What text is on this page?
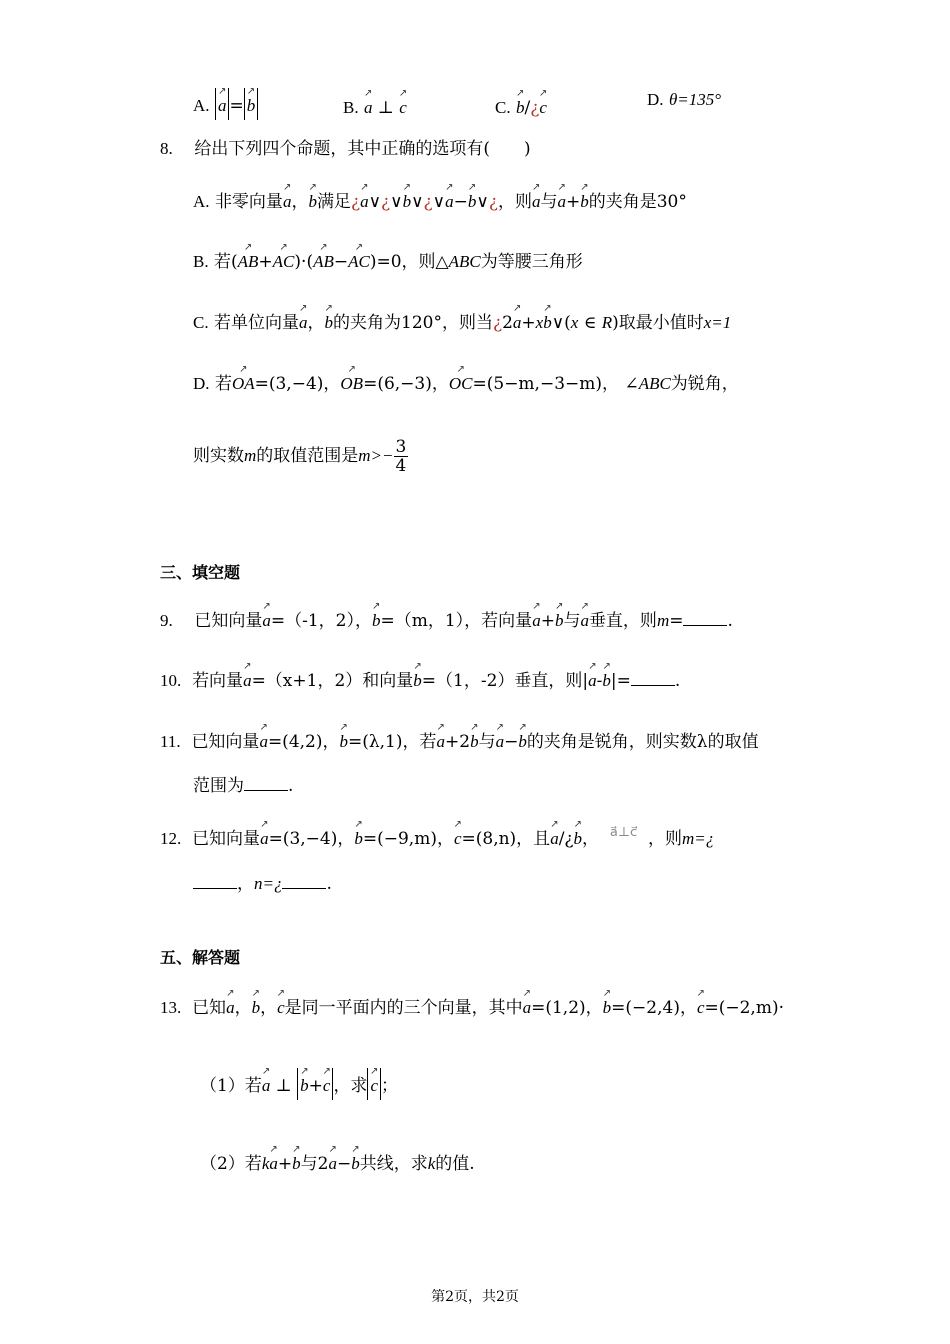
A. ↗ a = ↗ b	B. ↗ a ⊥ ↗ c	C. ↗ b/¿↗ c	D. θ=135°
8. 给出下列四个命题，其中正确的选项有(　　)
A. 非零向量↗ a，↗ b满足¿↗ a∨¿∨↗ b∨¿∨↗ a−↗ b∨¿，则↗ a与↗ a+↗ b的夹角是30°
B. 若(↗ AB+↗ AC)·(↗ AB−↗ AC)=0，则△ABC为等腰三角形
C. 若单位向量↗ a，↗ b的夹角为120°，则当¿2↗ a+x↗ b∨(x ∈ R)取最小值时x=1
D. 若↗ OA=(3,−4)，↗ OB=(6,−3)，↗ OC=(5−m,−3−m)， ∠ABC为锐角，
则实数m的取值范围是$m>- \frac{3}{4}$
三、填空题
9. 已知向量↗ a=（-1，2），↗ b=（m，1），若向量↗ a+↗ b与↗ a垂直，则m=	.
10. 若向量↗ a=（x+1，2）和向量↗ b=（1，-2）垂直，则|↗ a-↗ b|=	.
11. 已知向量↗ a=(4,2)，↗ b=(λ,1)，若↗ a+2↗ b与↗ a−↗ b的夹角是锐角，则实数λ的取值
范围为	.
12. 已知向量↗ a=(3,−4)，↗ b=(−9,m)，↗ c=(8,n)，且↗ a/¿↗ b， $^{a⃗\perp c⃗}$ ，则m=¿
，n=¿	.
五、解答题
13. 已知↗ a，↗ b，↗ c是同一平面内的三个向量，其中↗ a=(1,2)，↗ b=(−2,4)，↗ c=(−2,m)·
（1）若↗ a ⊥ ↗ b+↗ c ，求 ↗ c ；
（2）若k↗ a+↗ b与2↗ a−↗ b共线，求k的值.
第2页，共2页
